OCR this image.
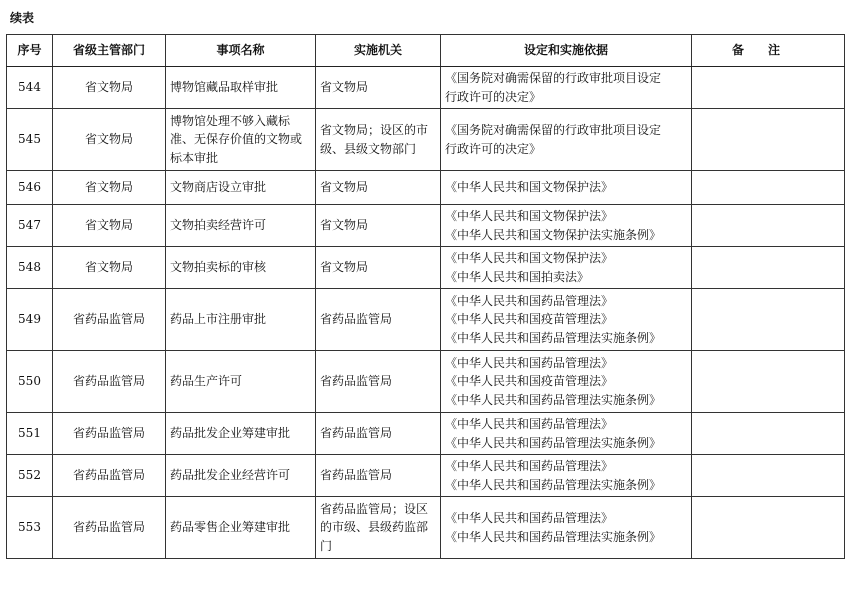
续表
序号	省级主管部门	事项名称	实施机关	设定和实施依据	备注
544	省文物局	博物馆藏品取样审批	省文物局	《国务院对确需保留的行政审批项目设定
行政许可的决定》	

545	省文物局	博物馆处理不够入藏标准、无保存价值的文物或标本审批	省文物局；设区的市级、县级文物部门	《国务院对确需保留的行政审批项目设定
行政许可的决定》	

546	省文物局	文物商店设立审批	省文物局	《中华人民共和国文物保护法》	

547	省文物局	文物拍卖经营许可	省文物局	《中华人民共和国文物保护法》
《中华人民共和国文物保护法实施条例》	

548	省文物局	文物拍卖标的审核	省文物局	《中华人民共和国文物保护法》
《中华人民共和国拍卖法》	

549	省药品监管局	药品上市注册审批	省药品监管局	《中华人民共和国药品管理法》
《中华人民共和国疫苗管理法》
《中华人民共和国药品管理法实施条例》	

550	省药品监管局	药品生产许可	省药品监管局	《中华人民共和国药品管理法》
《中华人民共和国疫苗管理法》
《中华人民共和国药品管理法实施条例》	

551	省药品监管局	药品批发企业筹建审批	省药品监管局	《中华人民共和国药品管理法》
《中华人民共和国药品管理法实施条例》	

552	省药品监管局	药品批发企业经营许可	省药品监管局	《中华人民共和国药品管理法》
《中华人民共和国药品管理法实施条例》	

553	省药品监管局	药品零售企业筹建审批	省药品监管局；设区的市级、县级药监部门	《中华人民共和国药品管理法》
《中华人民共和国药品管理法实施条例》	
